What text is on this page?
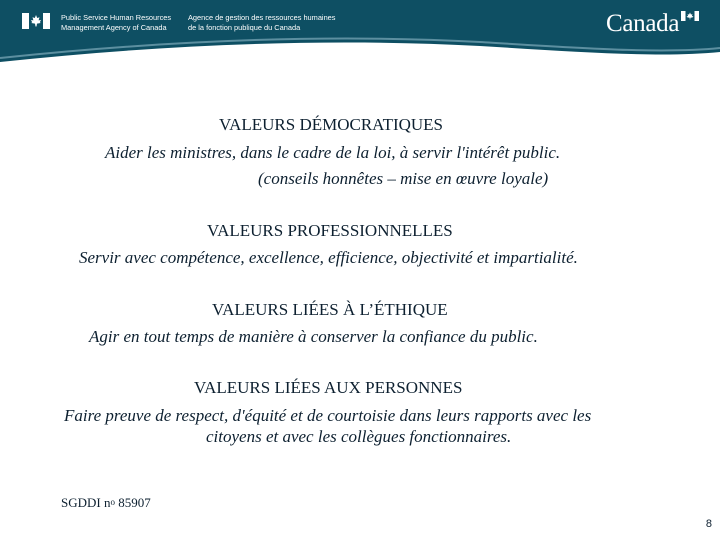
Public Service Human Resources
Management Agency of Canada
Agence de gestion des ressources humaines
de la fonction publique du Canada	Canada
VALEURS DÉMOCRATIQUES
Aider les ministres, dans le cadre de la loi, à servir l'intérêt public.
(conseils honnêtes – mise en œuvre loyale)
VALEURS PROFESSIONNELLES
Servir avec compétence, excellence, efficience, objectivité et impartialité.
VALEURS LIÉES À L’ÉTHIQUE
Agir en tout temps de manière à conserver la confiance du public.
VALEURS LIÉES AUX PERSONNES
Faire preuve de respect, d'équité et de courtoisie dans leurs rapports avec les
citoyens et avec les collègues fonctionnaires.
SGDDI $n^o$ 85907
8
